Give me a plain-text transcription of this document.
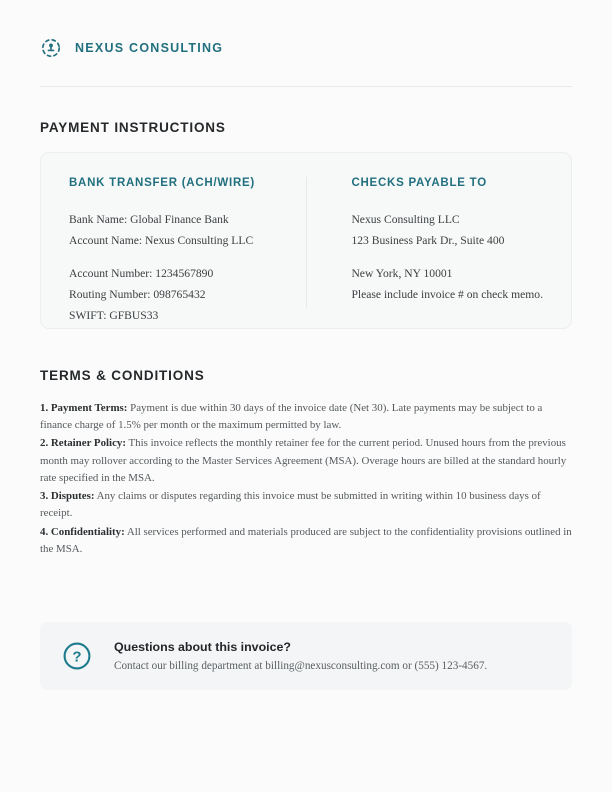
NEXUS CONSULTING
PAYMENT INSTRUCTIONS
BANK TRANSFER (ACH/WIRE)
Bank Name: Global Finance Bank
Account Name: Nexus Consulting LLC
Account Number: 1234567890
Routing Number: 098765432
SWIFT: GFBUS33
CHECKS PAYABLE TO
Nexus Consulting LLC
123 Business Park Dr., Suite 400
New York, NY 10001
Please include invoice # on check memo.
TERMS & CONDITIONS

1. Payment Terms: Payment is due within 30 days of the invoice date (Net 30). Late payments may be subject to a finance charge of 1.5% per month or the maximum permitted by law.

2. Retainer Policy: This invoice reflects the monthly retainer fee for the current period. Unused hours from the previous month may rollover according to the Master Services Agreement (MSA). Overage hours are billed at the standard hourly rate specified in the MSA.

3. Disputes: Any claims or disputes regarding this invoice must be submitted in writing within 10 business days of receipt.

4. Confidentiality: All services performed and materials produced are subject to the confidentiality provisions outlined in the MSA.

?
Questions about this invoice?
Contact our billing department at billing@nexusconsulting.com or (555) 123-4567.
